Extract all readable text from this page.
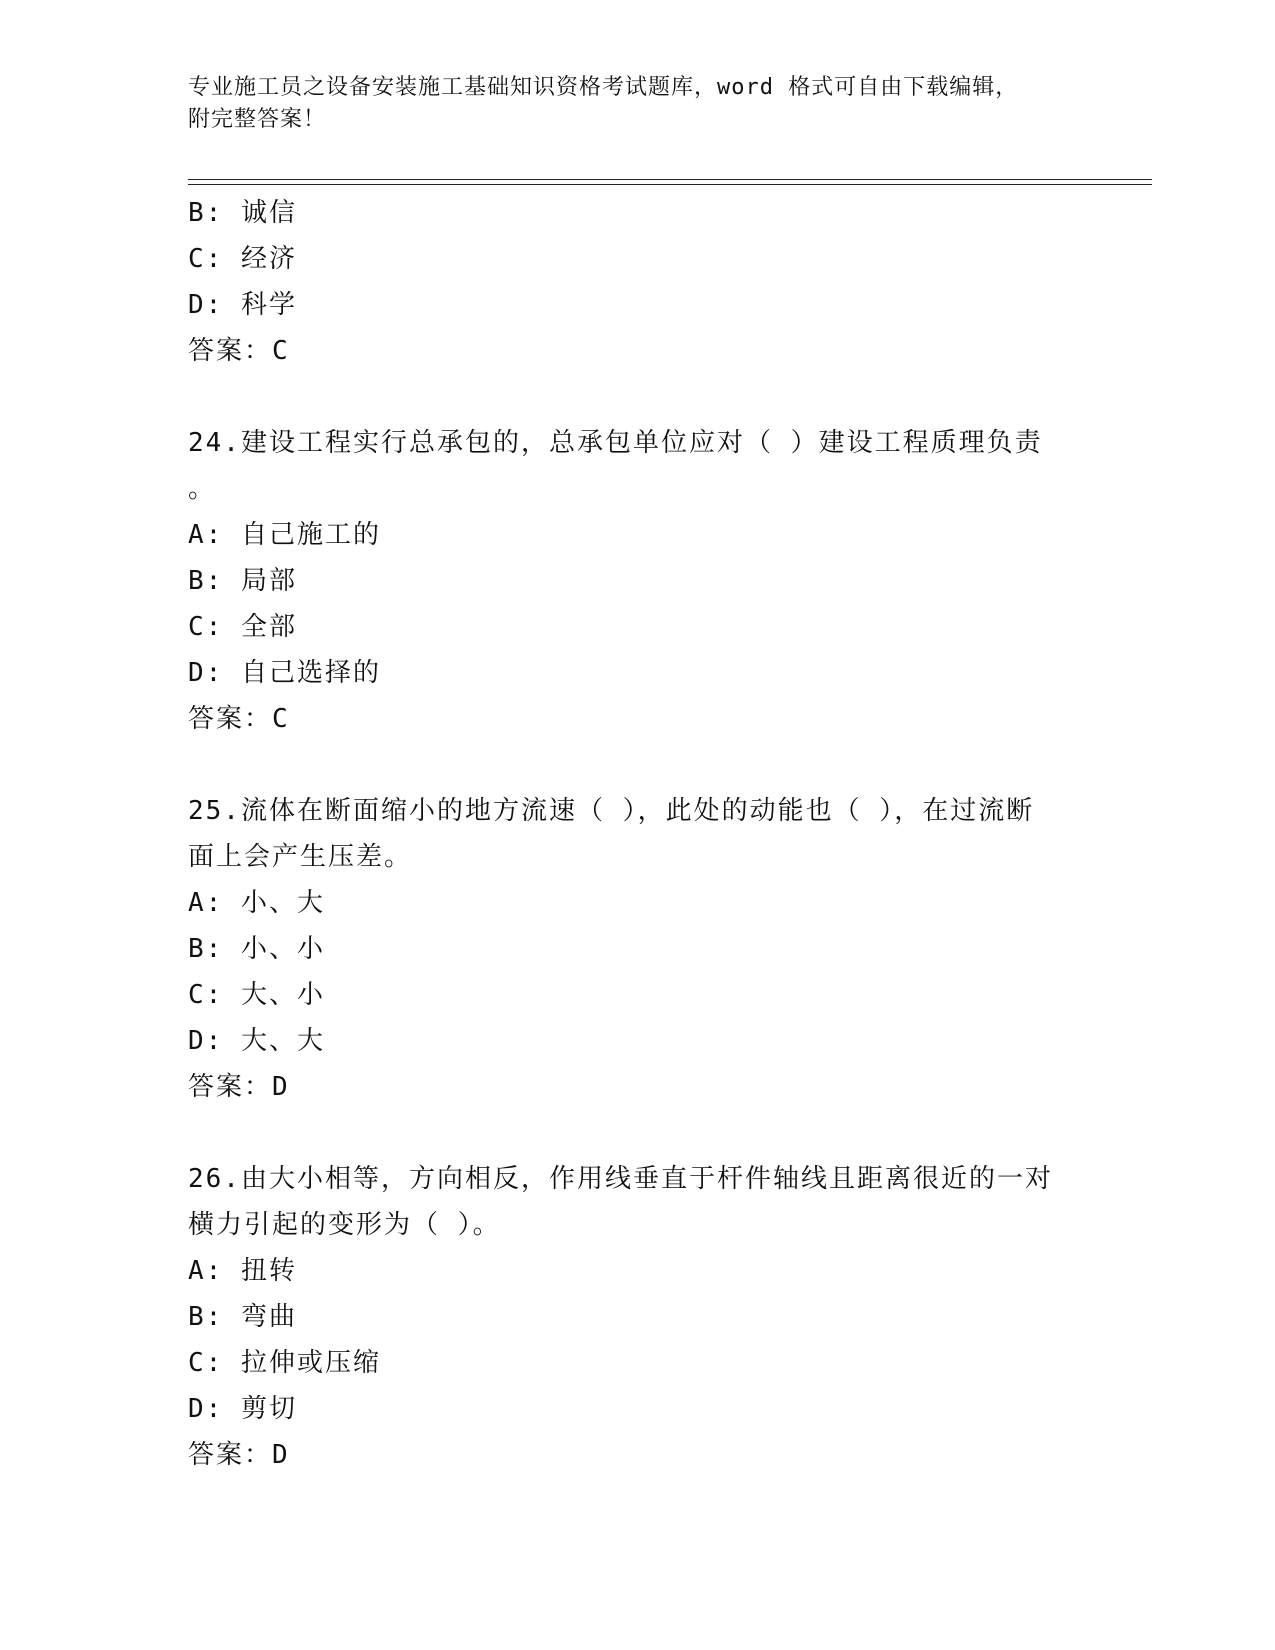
专业施工员之设备安装施工基础知识资格考试题库，word 格式可自由下载编辑，
附完整答案！
B: 诚信
C: 经济
D: 科学
答案：C
24.建设工程实行总承包的，总承包单位应对（ ）建设工程质理负责
。
A: 自己施工的
B: 局部
C: 全部
D: 自己选择的
答案：C
25.流体在断面缩小的地方流速（ ），此处的动能也（ ），在过流断
面上会产生压差。
A: 小、大
B: 小、小
C: 大、小
D: 大、大
答案：D
26.由大小相等，方向相反，作用线垂直于杆件轴线且距离很近的一对
横力引起的变形为（ ）。
A: 扭转
B: 弯曲
C: 拉伸或压缩
D: 剪切
答案：D
